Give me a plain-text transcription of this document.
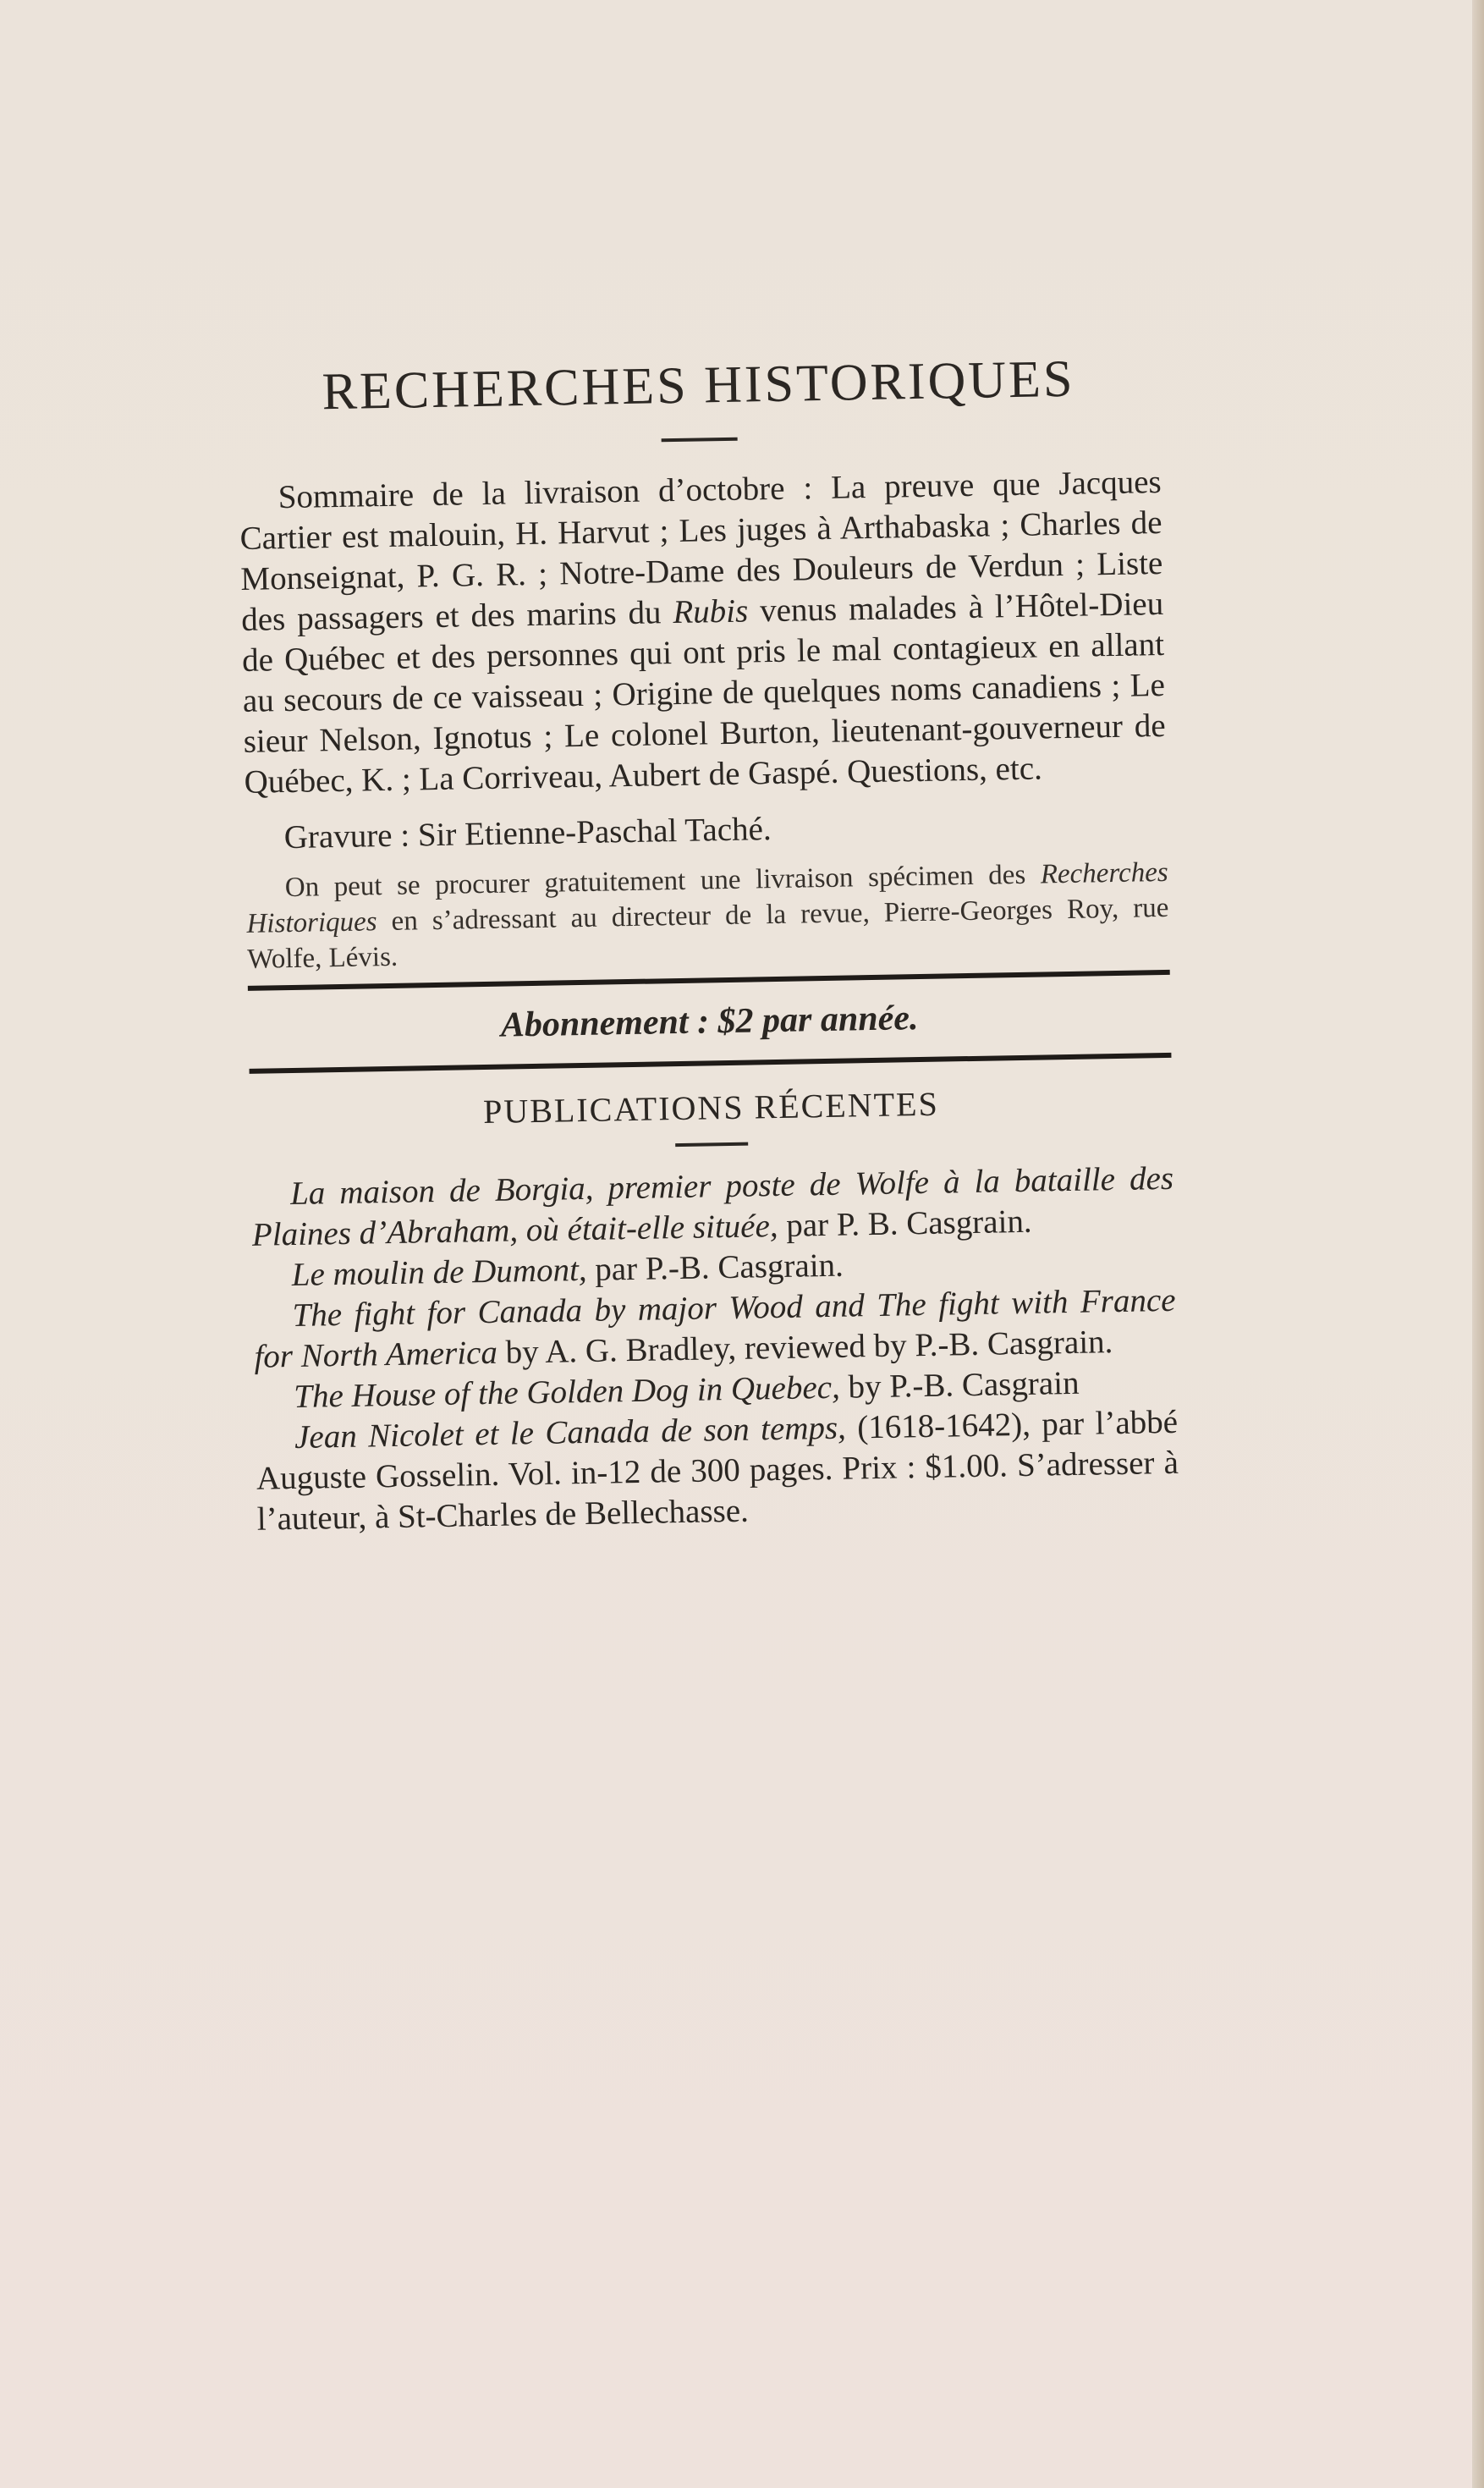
RECHERCHES HISTORIQUES

Sommaire de la livraison d’octobre : La preuve que Jacques Cartier est malouin, H. Harvut ; Les juges à Arthabaska ; Charles de Monseignat, P. G. R. ; Notre-Dame des Douleurs de Verdun ; Liste des passagers et des marins du Rubis venus malades à l’Hôtel-Dieu de Québec et des personnes qui ont pris le mal contagieux en allant au secours de ce vaisseau ; Origine de quelques noms canadiens ; Le sieur Nelson, Ignotus ; Le colonel Burton, lieutenant-gouverneur de Québec, K. ; La Corriveau, Aubert de Gaspé. Questions, etc.

Gravure : Sir Etienne-Paschal Taché.

On peut se procurer gratuitement une livraison spécimen des Recherches Historiques en s’adressant au directeur de la revue, Pierre-Georges Roy, rue Wolfe, Lévis.

Abonnement : $2 par année.
PUBLICATIONS RÉCENTES

La maison de Borgia, premier poste de Wolfe à la bataille des Plaines d’Abraham, où était-elle située, par P. B. Casgrain.

Le moulin de Dumont, par P.-B. Casgrain.

The fight for Canada by major Wood and The fight with France for North America by A. G. Bradley, reviewed by P.-B. Casgrain.

The House of the Golden Dog in Quebec, by P.-B. Casgrain

Jean Nicolet et le Canada de son temps, (1618-1642), par l’abbé Auguste Gosselin. Vol. in-12 de 300 pages. Prix : $1.00. S’adresser à l’auteur, à St-Charles de Bellechasse.
